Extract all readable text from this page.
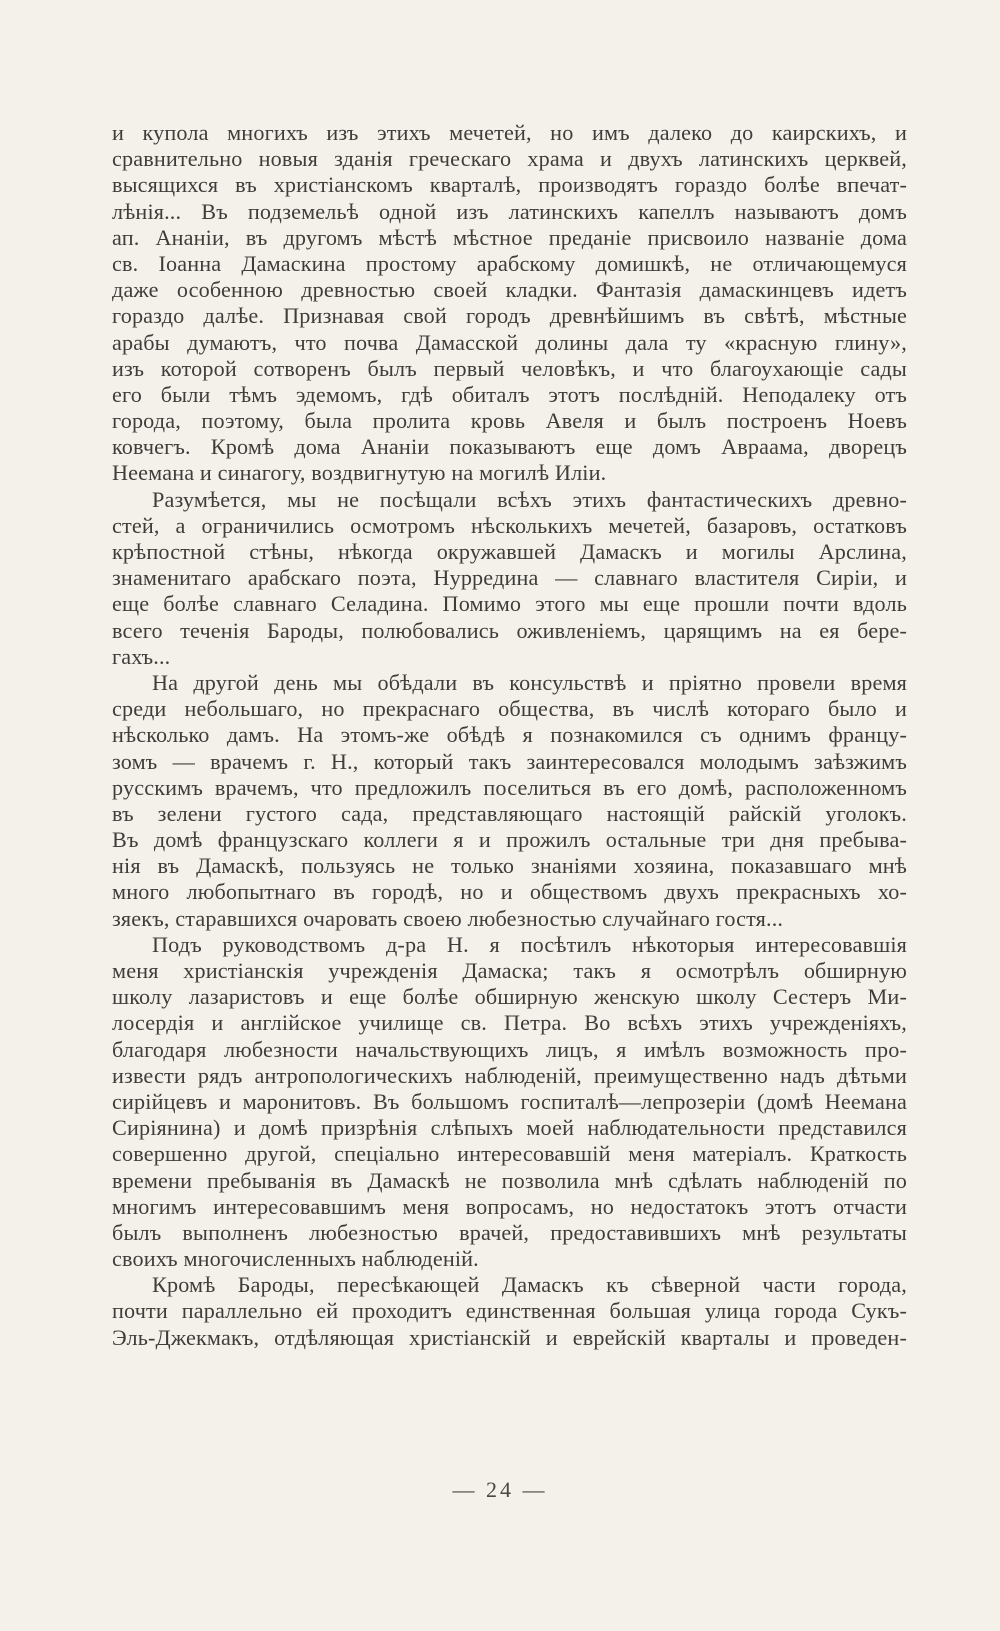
и купола многихъ изъ этихъ мечетей, но имъ далеко до каирскихъ, и
сравнительно новыя зданія греческаго храма и двухъ латинскихъ церквей,
высящихся въ христіанскомъ кварталѣ, производятъ гораздо болѣе впечат-
лѣнія... Въ подземельѣ одной изъ латинскихъ капеллъ называютъ домъ
ап. Ананіи, въ другомъ мѣстѣ мѣстное преданіе присвоило названіе дома
св. Іоанна Дамаскина простому арабскому домишкѣ, не отличающемуся
даже особенною древностью своей кладки. Фантазія дамаскинцевъ идетъ
гораздо далѣе. Признавая свой городъ древнѣйшимъ въ свѣтѣ, мѣстные
арабы думаютъ, что почва Дамасской долины дала ту «красную глину»,
изъ которой сотворенъ былъ первый человѣкъ, и что благоухающіе сады
его были тѣмъ эдемомъ, гдѣ обиталъ этотъ послѣдній. Неподалеку отъ
города, поэтому, была пролита кровь Авеля и былъ построенъ Ноевъ
ковчегъ. Кромѣ дома Ананіи показываютъ еще домъ Авраама, дворецъ
Неемана и синагогу, воздвигнутую на могилѣ Иліи.
Разумѣется, мы не посѣщали всѣхъ этихъ фантастическихъ древно-
стей, а ограничились осмотромъ нѣсколькихъ мечетей, базаровъ, остатковъ
крѣпостной стѣны, нѣкогда окружавшей Дамаскъ и могилы Арслина,
знаменитаго арабскаго поэта, Нурредина — славнаго властителя Сиріи, и
еще болѣе славнаго Селадина. Помимо этого мы еще прошли почти вдоль
всего теченія Бароды, полюбовались оживленіемъ, царящимъ на ея бере-
гахъ...
На другой день мы обѣдали въ консульствѣ и пріятно провели время
среди небольшаго, но прекраснаго общества, въ числѣ котораго было и
нѣсколько дамъ. На этомъ-же обѣдѣ я познакомился съ однимъ францу-
зомъ — врачемъ г. Н., который такъ заинтересовался молодымъ заѣзжимъ
русскимъ врачемъ, что предложилъ поселиться въ его домѣ, расположенномъ
въ зелени густого сада, представляющаго настоящій райскій уголокъ.
Въ домѣ французскаго коллеги я и прожилъ остальные три дня пребыва-
нія въ Дамаскѣ, пользуясь не только знаніями хозяина, показавшаго мнѣ
много любопытнаго въ городѣ, но и обществомъ двухъ прекрасныхъ хо-
зяекъ, старавшихся очаровать своею любезностью случайнаго гостя...
Подъ руководствомъ д-ра Н. я посѣтилъ нѣкоторыя интересовавшія
меня христіанскія учрежденія Дамаска; такъ я осмотрѣлъ обширную
школу лазаристовъ и еще болѣе обширную женскую школу Сестеръ Ми-
лосердія и англійское училище св. Петра. Во всѣхъ этихъ учрежденіяхъ,
благодаря любезности начальствующихъ лицъ, я имѣлъ возможность про-
извести рядъ антропологическихъ наблюденій, преимущественно надъ дѣтьми
сирійцевъ и маронитовъ. Въ большомъ госпиталѣ—лепрозеріи (домѣ Неемана
Сиріянина) и домѣ призрѣнія слѣпыхъ моей наблюдательности представился
совершенно другой, спеціально интересовавшій меня матеріалъ. Краткость
времени пребыванія въ Дамаскѣ не позволила мнѣ сдѣлать наблюденій по
многимъ интересовавшимъ меня вопросамъ, но недостатокъ этотъ отчасти
былъ выполненъ любезностью врачей, предоставившихъ мнѣ результаты
своихъ многочисленныхъ наблюденій.
Кромѣ Бароды, пересѣкающей Дамаскъ къ сѣверной части города,
почти параллельно ей проходитъ единственная большая улица города Сукъ-
Эль-Джекмакъ, отдѣляющая христіанскій и еврейскій кварталы и проведен-
— 24 —
